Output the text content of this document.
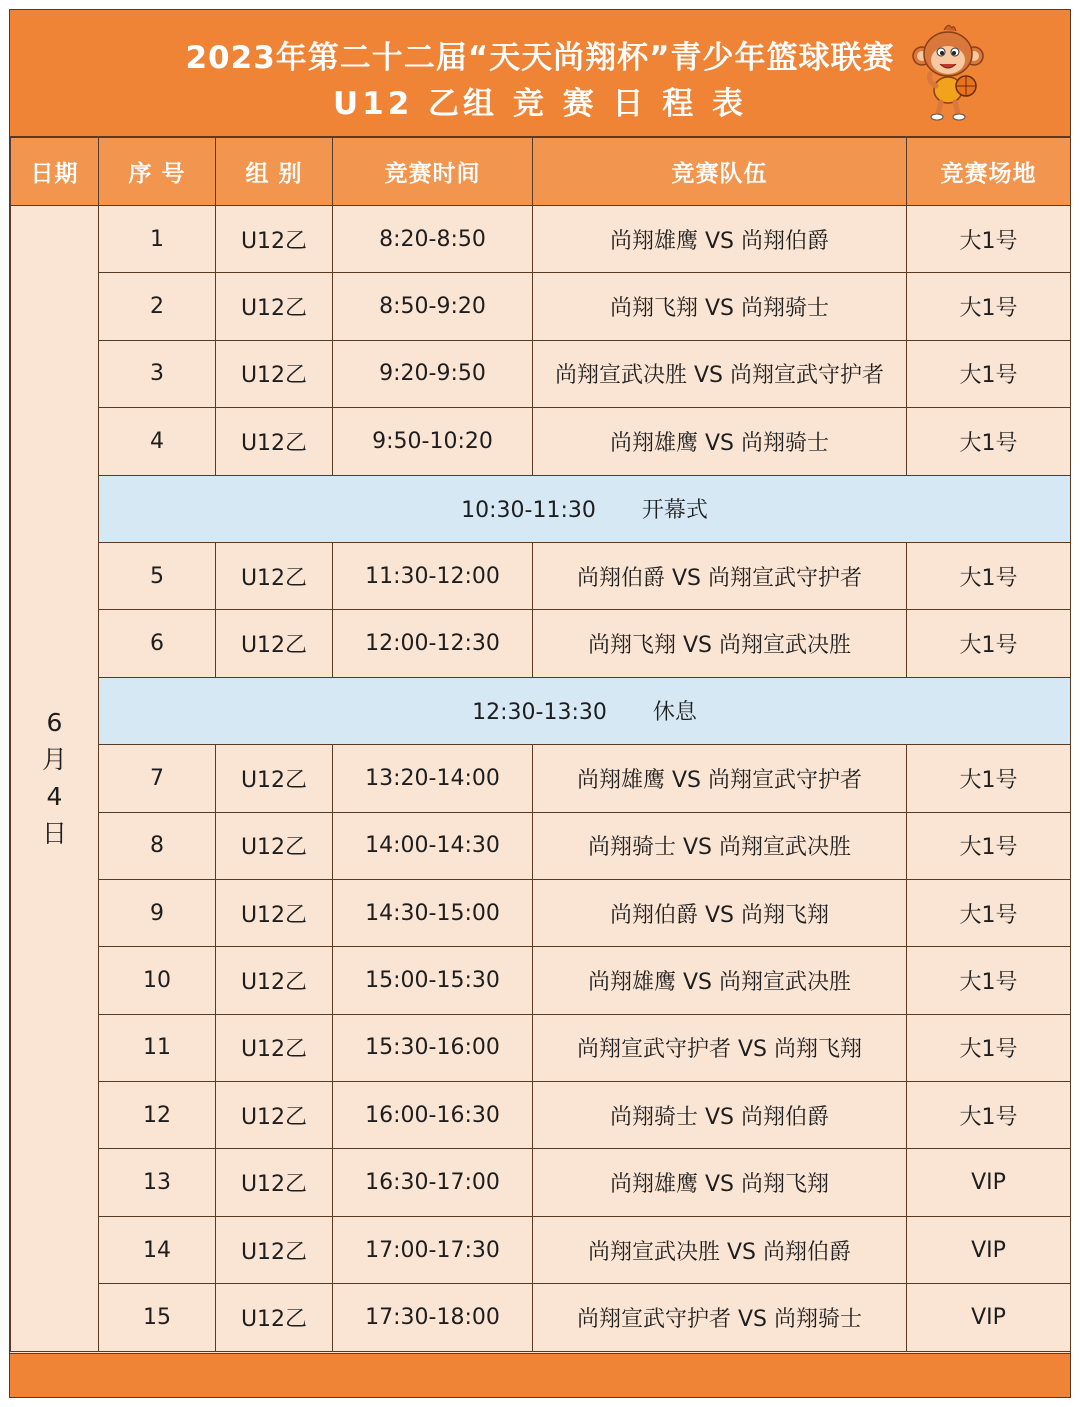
2023年第二十二届“天天尚翔杯”青少年篮球联赛
U12 乙组 竞 赛 日 程 表
日期	序 号	组 别	竞赛时间	竞赛队伍	竞赛场地

6
月
4
日	1	U12乙	8:20-8:50	尚翔雄鹰 VS 尚翔伯爵	大1号
	2	U12乙	8:50-9:20	尚翔飞翔 VS 尚翔骑士	大1号
	3	U12乙	9:20-9:50	尚翔宣武决胜 VS 尚翔宣武守护者	大1号
	4	U12乙	9:50-10:20	尚翔雄鹰 VS 尚翔骑士	大1号
	10:30-11:30 开幕式				
	5	U12乙	11:30-12:00	尚翔伯爵 VS 尚翔宣武守护者	大1号
	6	U12乙	12:00-12:30	尚翔飞翔 VS 尚翔宣武决胜	大1号
	12:30-13:30 休息				
	7	U12乙	13:20-14:00	尚翔雄鹰 VS 尚翔宣武守护者	大1号
	8	U12乙	14:00-14:30	尚翔骑士 VS 尚翔宣武决胜	大1号
	9	U12乙	14:30-15:00	尚翔伯爵 VS 尚翔飞翔	大1号
	10	U12乙	15:00-15:30	尚翔雄鹰 VS 尚翔宣武决胜	大1号
	11	U12乙	15:30-16:00	尚翔宣武守护者 VS 尚翔飞翔	大1号
	12	U12乙	16:00-16:30	尚翔骑士 VS 尚翔伯爵	大1号
	13	U12乙	16:30-17:00	尚翔雄鹰 VS 尚翔飞翔	VIP
	14	U12乙	17:00-17:30	尚翔宣武决胜 VS 尚翔伯爵	VIP
	15	U12乙	17:30-18:00	尚翔宣武守护者 VS 尚翔骑士	VIP
